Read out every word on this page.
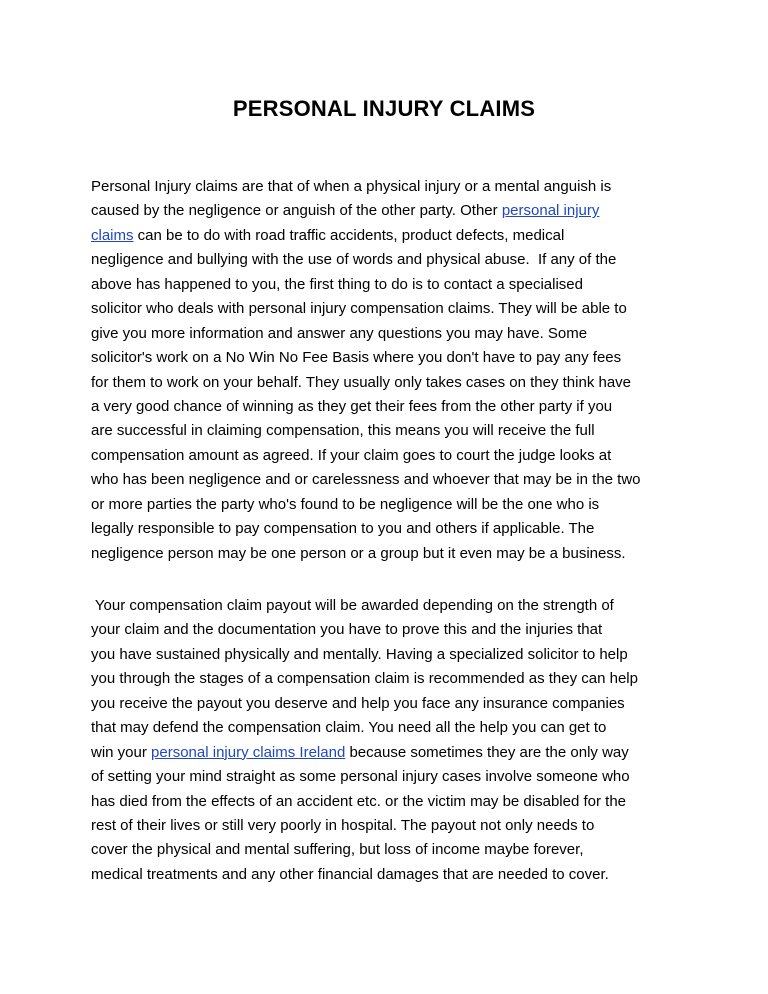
PERSONAL INJURY CLAIMS
Personal Injury claims are that of when a physical injury or a mental anguish is
caused by the negligence or anguish of the other party. Other personal injury
claims can be to do with road traffic accidents, product defects, medical
negligence and bullying with the use of words and physical abuse.  If any of the
above has happened to you, the first thing to do is to contact a specialised
solicitor who deals with personal injury compensation claims. They will be able to
give you more information and answer any questions you may have. Some
solicitor's work on a No Win No Fee Basis where you don't have to pay any fees
for them to work on your behalf. They usually only takes cases on they think have
a very good chance of winning as they get their fees from the other party if you
are successful in claiming compensation, this means you will receive the full
compensation amount as agreed. If your claim goes to court the judge looks at
who has been negligence and or carelessness and whoever that may be in the two
or more parties the party who's found to be negligence will be the one who is
legally responsible to pay compensation to you and others if applicable. The
negligence person may be one person or a group but it even may be a business.
Your compensation claim payout will be awarded depending on the strength of
your claim and the documentation you have to prove this and the injuries that
you have sustained physically and mentally. Having a specialized solicitor to help
you through the stages of a compensation claim is recommended as they can help
you receive the payout you deserve and help you face any insurance companies
that may defend the compensation claim. You need all the help you can get to
win your personal injury claims Ireland because sometimes they are the only way
of setting your mind straight as some personal injury cases involve someone who
has died from the effects of an accident etc. or the victim may be disabled for the
rest of their lives or still very poorly in hospital. The payout not only needs to
cover the physical and mental suffering, but loss of income maybe forever,
medical treatments and any other financial damages that are needed to cover.
